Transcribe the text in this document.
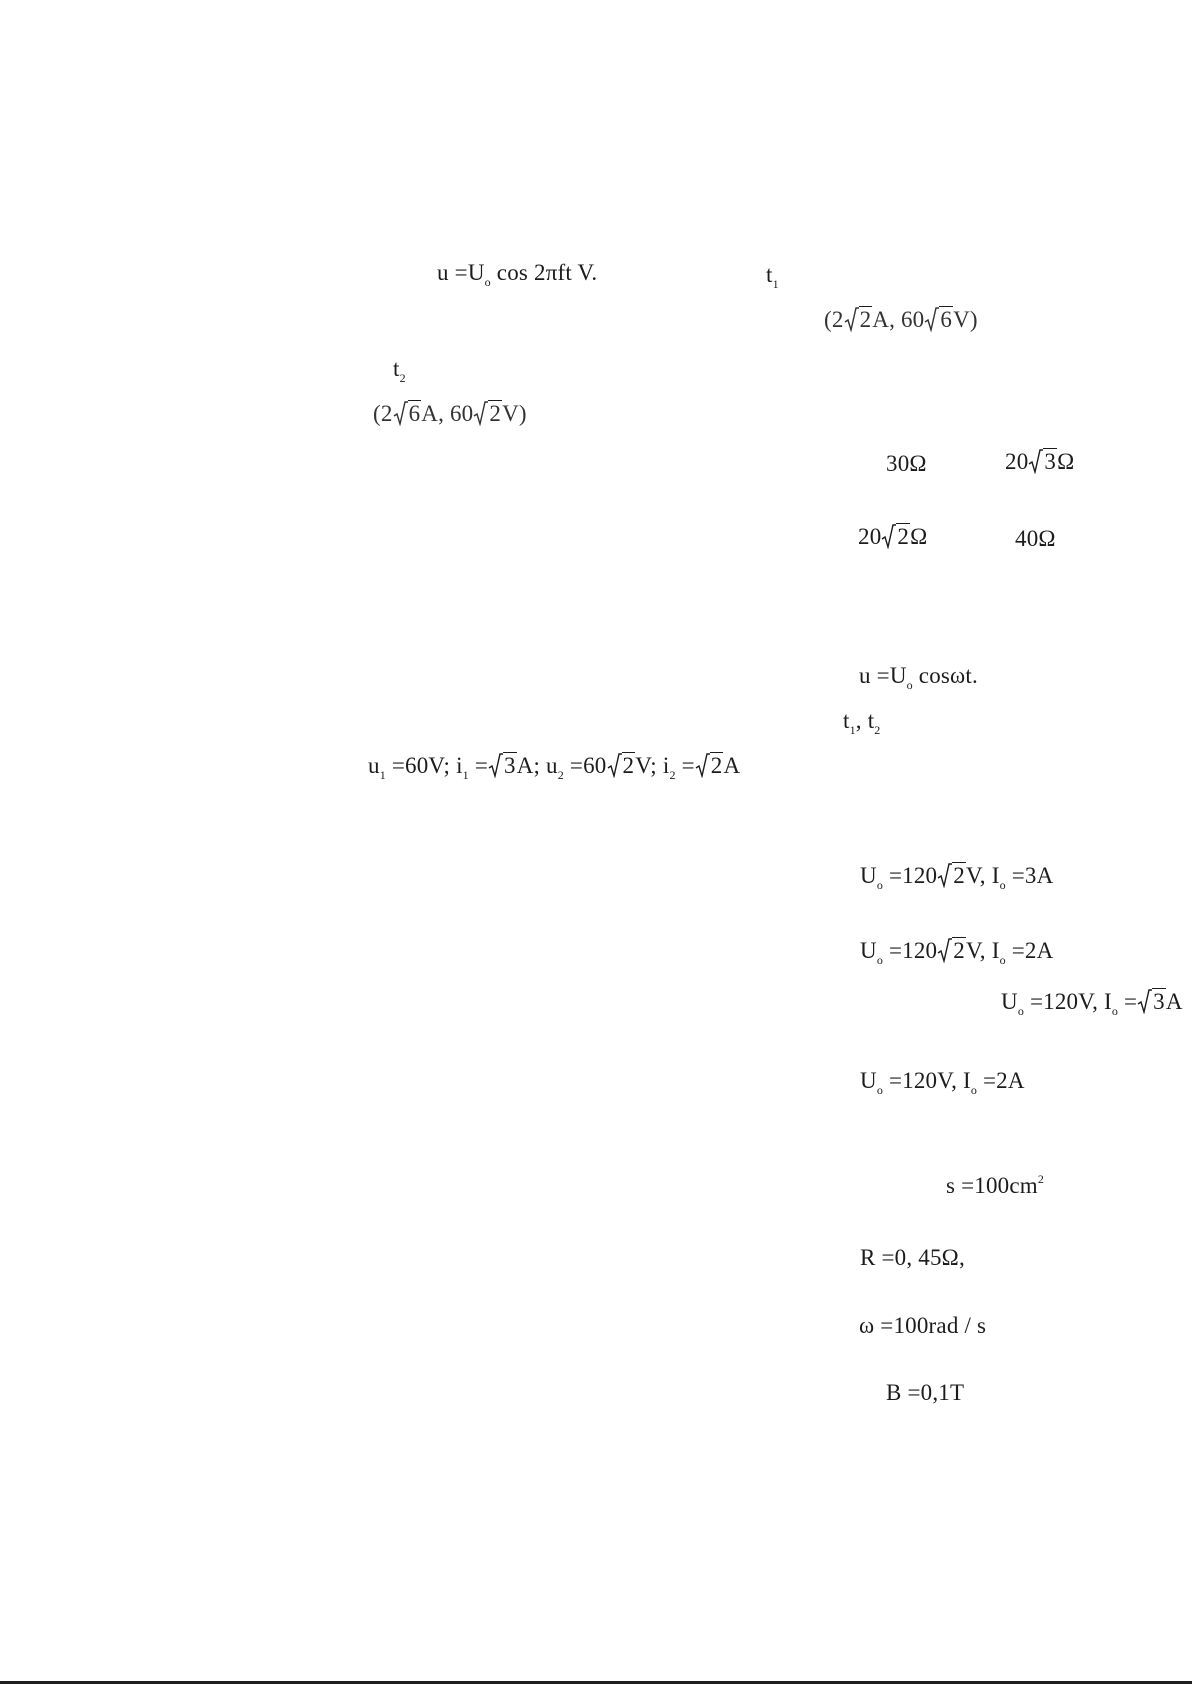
$u =U_o$ cos 2πft V.	$t_1$
(2 2A, 60 6V)
$t_2$
(2 6A, 60 2V)
30Ω	20 3Ω
20 2Ω	40Ω
$u =U_o$ cosωt.
$t_1$, $t_2$
$u_1 =60V$; $i_1 = 3A$; $u_2 =60$ 2V; $i_2 = 2A$
$U_o =120$ 2V, $I_o =3A$
$U_o =120$ 2V, $I_o =2A$
$U_o =120V$, $I_o = 3A$
$U_o =120V$, $I_o =2A$
$s =100cm^2$
R =0, 45Ω,
ω =100rad / s
B =0,1T
